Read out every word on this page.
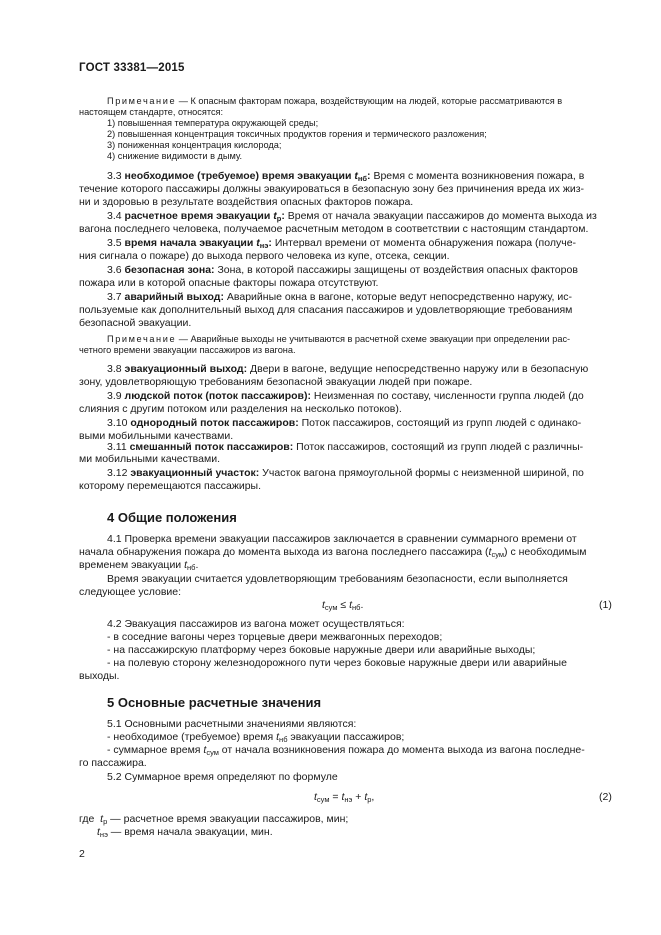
ГОСТ 33381—2015
Примечание — К опасным факторам пожара, воздействующим на людей, которые рассматриваются в
настоящем стандарте, относятся:
1) повышенная температура окружающей среды;
2) повышенная концентрация токсичных продуктов горения и термического разложения;
3) пониженная концентрация кислорода;
4) снижение видимости в дыму.
3.3 необходимое (требуемое) время эвакуации $t_{нб}$: Время с момента возникновения пожара, в
течение которого пассажиры должны эвакуироваться в безопасную зону без причинения вреда их жиз-
ни и здоровью в результате воздействия опасных факторов пожара.
3.4 расчетное время эвакуации $t_р$: Время от начала эвакуации пассажиров до момента выхода из
вагона последнего человека, получаемое расчетным методом в соответствии с настоящим стандартом.
3.5 время начала эвакуации $t_{нэ}$: Интервал времени от момента обнаружения пожара (получе-
ния сигнала о пожаре) до выхода первого человека из купе, отсека, секции.
3.6 безопасная зона: Зона, в которой пассажиры защищены от воздействия опасных факторов
пожара или в которой опасные факторы пожара отсутствуют.
3.7 аварийный выход: Аварийные окна в вагоне, которые ведут непосредственно наружу, ис-
пользуемые как дополнительный выход для спасания пассажиров и удовлетворяющие требованиям
безопасной эвакуации.
Примечание — Аварийные выходы не учитываются в расчетной схеме эвакуации при определении рас-
четного времени эвакуации пассажиров из вагона.
3.8 эвакуационный выход: Двери в вагоне, ведущие непосредственно наружу или в безопасную
зону, удовлетворяющую требованиям безопасной эвакуации людей при пожаре.
3.9 людской поток (поток пассажиров): Неизменная по составу, численности группа людей (до
слияния с другим потоком или разделения на несколько потоков).
3.10 однородный поток пассажиров: Поток пассажиров, состоящий из групп людей с одинако-
выми мобильными качествами.
3.11 смешанный поток пассажиров: Поток пассажиров, состоящий из групп людей с различны-
ми мобильными качествами.
3.12 эвакуационный участок: Участок вагона прямоугольной формы с неизменной шириной, по
которому перемещаются пассажиры.
4 Общие положения
4.1 Проверка времени эвакуации пассажиров заключается в сравнении суммарного времени от
начала обнаружения пожара до момента выхода из вагона последнего пассажира $(t_{сум})$ с необходимым
временем эвакуации $t_{нб}$.
Время эвакуации считается удовлетворяющим требованиям безопасности, если выполняется
следующее условие:
$t_{сум} \le t_{нб}$.	(1)
4.2 Эвакуация пассажиров из вагона может осуществляться:
- в соседние вагоны через торцевые двери межвагонных переходов;
- на пассажирскую платформу через боковые наружные двери или аварийные выходы;
- на полевую сторону железнодорожного пути через боковые наружные двери или аварийные
выходы.
5 Основные расчетные значения
5.1 Основными расчетными значениями являются:
- необходимое (требуемое) время $t_{нб}$ эвакуации пассажиров;
- суммарное время $t_{сум}$ от начала возникновения пожара до момента выхода из вагона последне-
го пассажира.
5.2 Суммарное время определяют по формуле
$t_{сум} = t_{нэ} + t_р$,	(2)
где $t_р$ — расчетное время эвакуации пассажиров, мин;
$t_{нэ}$ — время начала эвакуации, мин.
2
